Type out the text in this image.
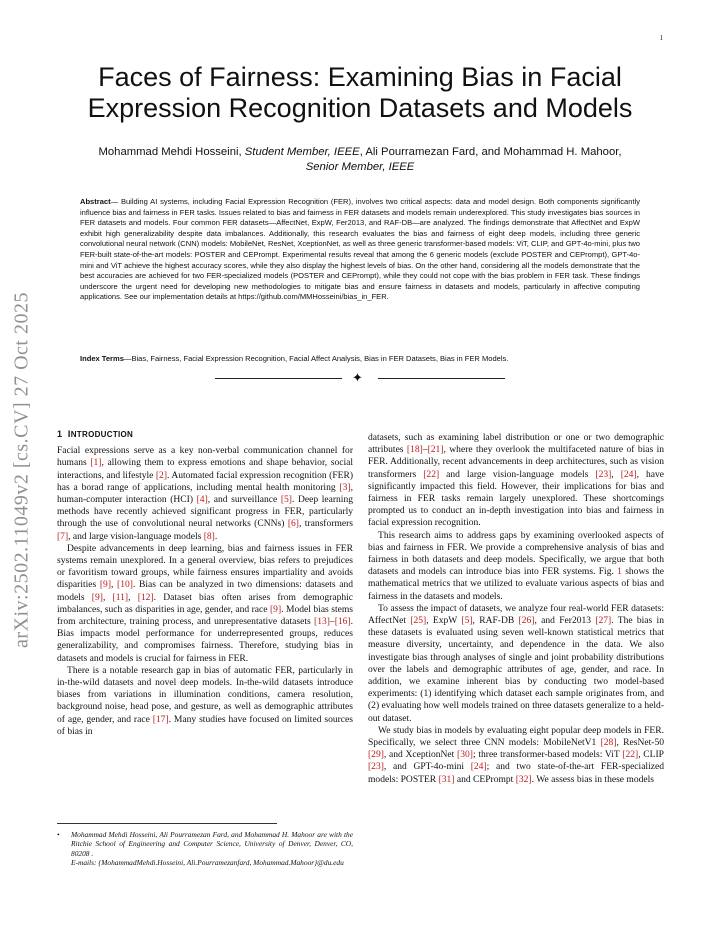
1
arXiv:2502.11049v2 [cs.CV] 27 Oct 2025
Faces of Fairness: Examining Bias in Facial Expression Recognition Datasets and Models
Mohammad Mehdi Hosseini, Student Member, IEEE, Ali Pourramezan Fard, and Mohammad H. Mahoor,
Senior Member, IEEE
Abstract— Building AI systems, including Facial Expression Recognition (FER), involves two critical aspects: data and model design. Both components significantly influence bias and fairness in FER tasks. Issues related to bias and fairness in FER datasets and models remain underexplored. This study investigates bias sources in FER datasets and models. Four common FER datasets—AffectNet, ExpW, Fer2013, and RAF-DB—are analyzed. The findings demonstrate that AffectNet and ExpW exhibit high generalizability despite data imbalances. Additionally, this research evaluates the bias and fairness of eight deep models, including three generic convolutional neural network (CNN) models: MobileNet, ResNet, XceptionNet, as well as three generic transformer-based models: ViT, CLIP, and GPT-4o-mini, plus two FER-built state-of-the-art models: POSTER and CEPrompt. Experimental results reveal that among the 6 generic models (exclude POSTER and CEPrompt), GPT-4o-mini and ViT achieve the highest accuracy scores, while they also display the highest levels of bias. On the other hand, considering all the models demonstrate that the best accuracies are achieved for two FER-specialized models (POSTER and CEPrompt), while they could not cope with the bias problem in FER task. These findings underscore the urgent need for developing new methodologies to mitigate bias and ensure fairness in datasets and models, particularly in affective computing applications. See our implementation details at https://github.com/MMHosseini/bias_in_FER.
Index Terms—Bias, Fairness, Facial Expression Recognition, Facial Affect Analysis, Bias in FER Datasets, Bias in FER Models.
✦
1 INTRODUCTION

Facial expressions serve as a key non-verbal communication channel for humans [1], allowing them to express emotions and shape behavior, social interactions, and lifestyle [2]. Automated facial expression recognition (FER) has a borad range of applications, including mental health monitoring [3], human-computer interaction (HCI) [4], and surveillance [5]. Deep learning methods have recently achieved significant progress in FER, particularly through the use of convolutional neural networks (CNNs) [6], transformers [7], and large vision-language models [8].

Despite advancements in deep learning, bias and fairness issues in FER systems remain unexplored. In a general overview, bias refers to prejudices or favoritism toward groups, while fairness ensures impartiality and avoids disparities [9], [10]. Bias can be analyzed in two dimensions: datasets and models [9], [11], [12]. Dataset bias often arises from demographic imbalances, such as disparities in age, gender, and race [9]. Model bias stems from architecture, training process, and unrepresentative datasets [13]–[16]. Bias impacts model performance for underrepresented groups, reduces generalizability, and compromises fairness. Therefore, studying bias in datasets and models is crucial for fairness in FER.

There is a notable research gap in bias of automatic FER, particularly in in-the-wild datasets and novel deep models. In-the-wild datasets introduce biases from variations in illumination conditions, camera resolution, background noise, head pose, and gesture, as well as demographic attributes of age, gender, and race [17]. Many studies have focused on limited sources of bias in

• Mohammad Mehdi Hosseini, Ali Pourramezan Fard, and Mohammad H. Mahoor are with the Ritchie School of Engineering and Computer Science, University of Denver, Denver, CO, 80208 .
E-mails: {MohammadMehdi.Hosseini, Ali.Pourramezanfard, Mohammad.Mahoor}@du.edu

datasets, such as examining label distribution or one or two demographic attributes [18]–[21], where they overlook the multifaceted nature of bias in FER. Additionally, recent advancements in deep architectures, such as vision transformers [22] and large vision-language models [23], [24], have significantly impacted this field. However, their implications for bias and fairness in FER tasks remain largely unexplored. These shortcomings prompted us to conduct an in-depth investigation into bias and fairness in facial expression recognition.

This research aims to address gaps by examining overlooked aspects of bias and fairness in FER. We provide a comprehensive analysis of bias and fairness in both datasets and deep models. Specifically, we argue that both datasets and models can introduce bias into FER systems. Fig. 1 shows the mathematical metrics that we utilized to evaluate various aspects of bias and fairness in the datasets and models.

To assess the impact of datasets, we analyze four real-world FER datasets: AffectNet [25], ExpW [5], RAF-DB [26], and Fer2013 [27]. The bias in these datasets is evaluated using seven well-known statistical metrics that measure diversity, uncertainty, and dependence in the data. We also investigate bias through analyses of single and joint probability distributions over the labels and demographic attributes of age, gender, and race. In addition, we examine inherent bias by conducting two model-based experiments: (1) identifying which dataset each sample originates from, and (2) evaluating how well models trained on three datasets generalize to a held-out dataset.

We study bias in models by evaluating eight popular deep models in FER. Specifically, we select three CNN models: MobileNetV1 [28], ResNet-50 [29], and XceptionNet [30]; three transformer-based models: ViT [22], CLIP [23], and GPT-4o-mini [24]; and two state-of-the-art FER-specialized models: POSTER [31] and CEPrompt [32]. We assess bias in these models
